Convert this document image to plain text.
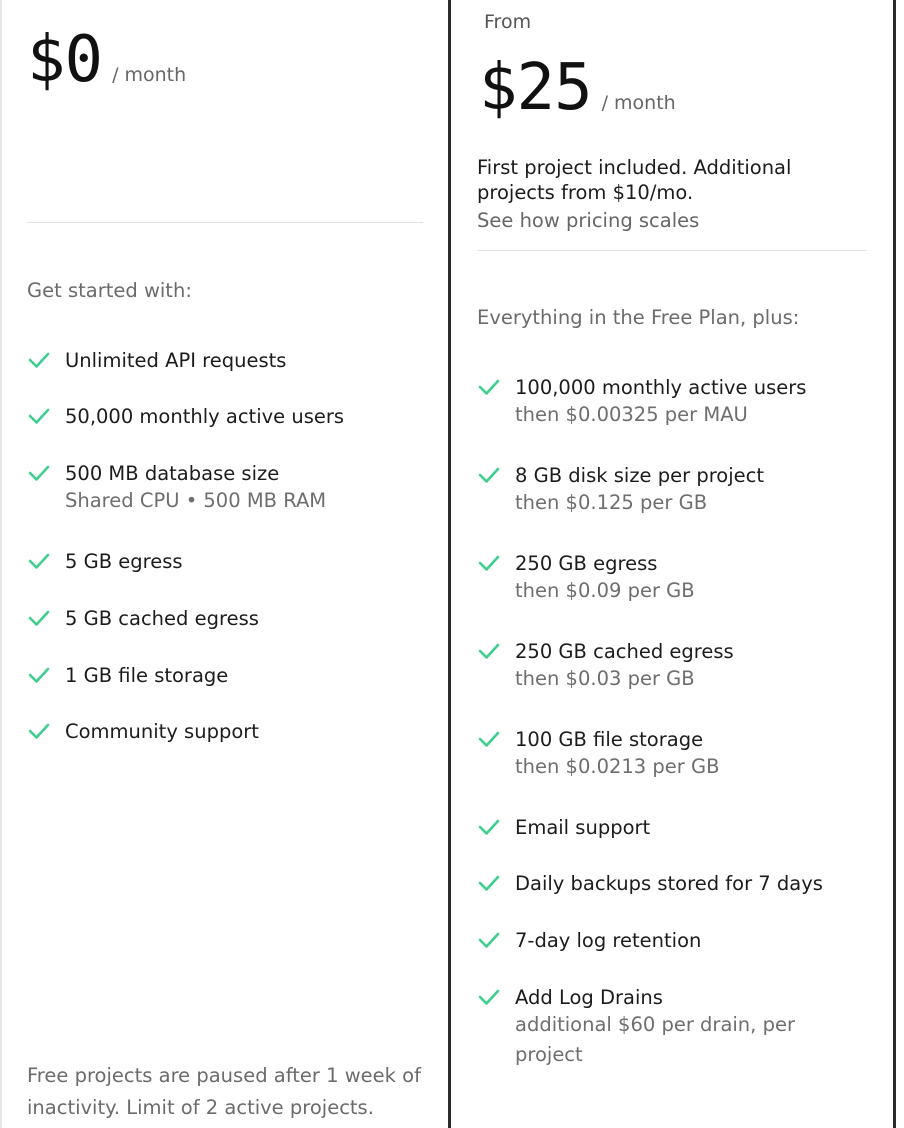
$0 / month
Get started with:
Unlimited API requests
50,000 monthly active users
500 MB database size
Shared CPU • 500 MB RAM
5 GB egress
5 GB cached egress
1 GB file storage
Community support
Free projects are paused after 1 week of inactivity. Limit of 2 active projects.
From
$25 / month
First project included. Additional projects from $10/mo.
See how pricing scales
Everything in the Free Plan, plus:
100,000 monthly active users
then $0.00325 per MAU
8 GB disk size per project
then $0.125 per GB
250 GB egress
then $0.09 per GB
250 GB cached egress
then $0.03 per GB
100 GB file storage
then $0.0213 per GB
Email support
Daily backups stored for 7 days
7-day log retention
Add Log Drains
additional $60 per drain, per project
